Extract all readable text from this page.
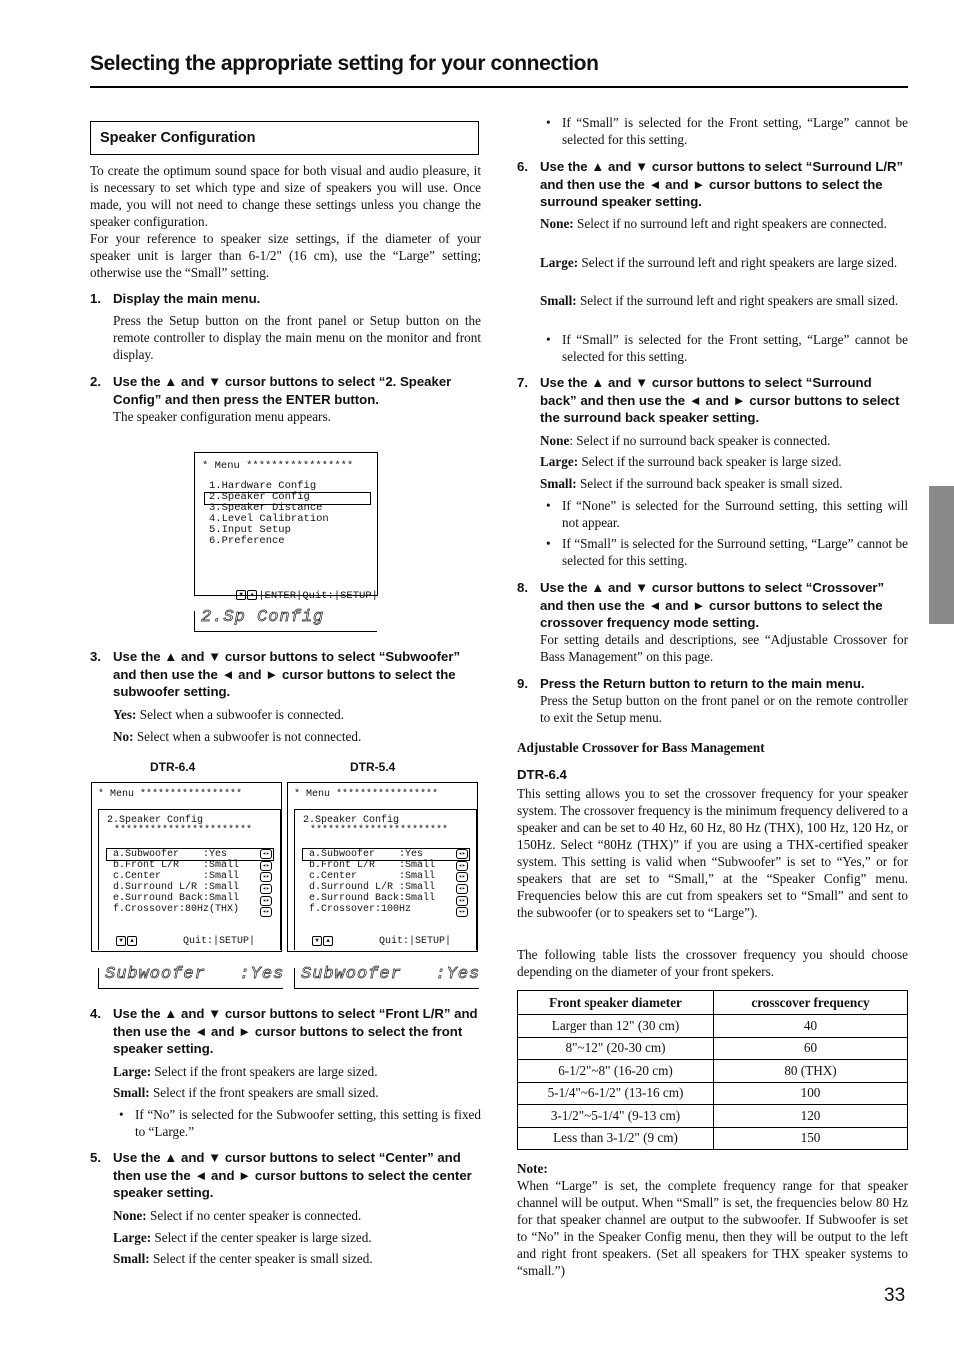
Selecting the appropriate setting for your connection
33
Speaker Configuration

To create the optimum sound space for both visual and audio pleasure, it is necessary to set which type and size of speakers you will use. Once made, you will not need to change these settings unless you change the speaker configuration.

For your reference to speaker size settings, if the diameter of your speaker unit is larger than 6-1/2" (16 cm), use the “Large” setting; otherwise use the “Small” setting.

1. Display the main menu.

Press the Setup button on the front panel or Setup button on the remote controller to display the main menu on the monitor and front display.

2. Use the ▲ and ▼ cursor buttons to select “2. Speaker Config” and then press the ENTER button.

The speaker configuration menu appears.

* Menu *****************
1.Hardware Config
2.Speaker Config
3.Speaker Distance
4.Level Calibration
5.Input Setup
6.Preference

▼ ▲ |ENTER|Quit:|SETUP|

2.Sp Config

3. Use the ▲ and ▼ cursor buttons to select “Subwoofer” and then use the ◄ and ► cursor buttons to select the subwoofer setting.

Yes: Select when a subwoofer is connected.

No: Select when a subwoofer is not connected.

DTR-6.4	DTR-5.4
* Menu *****************
2.Speaker Config
***********************
a.Subwoofer    :Yes
b.Front L/R    :Small
c.Center       :Small
d.Surround L/R :Small
e.Surround Back:Small
f.Crossover:80Hz(THX)
◂▸
◂▸
◂▸
◂▸
◂▸
◂▸
▼ ▲	Quit:|SETUP|

Subwoofer   :Yes

* Menu *****************
2.Speaker Config
***********************
a.Subwoofer    :Yes
b.Front L/R    :Small
c.Center       :Small
d.Surround L/R :Small
e.Surround Back:Small
f.Crossover:100Hz
◂▸
◂▸
◂▸
◂▸
◂▸
◂▸
▼ ▲	Quit:|SETUP|

Subwoofer   :Yes

4. Use the ▲ and ▼ cursor buttons to select “Front L/R” and then use the ◄ and ► cursor buttons to select the front speaker setting.

Large: Select if the front speakers are large sized.

Small: Select if the front speakers are small sized.

• If “No” is selected for the Subwoofer setting, this setting is fixed to “Large.”

5. Use the ▲ and ▼ cursor buttons to select “Center” and then use the ◄ and ► cursor buttons to select the center speaker setting.

None: Select if no center speaker is connected.

Large: Select if the center speaker is large sized.

Small: Select if the center speaker is small sized.

• If “Small” is selected for the Front setting, “Large” cannot be selected for this setting.

6. Use the ▲ and ▼ cursor buttons to select “Surround L/R” and then use the ◄ and ► cursor buttons to select the surround speaker setting.

None: Select if no surround left and right speakers are connected.

Large: Select if the surround left and right speakers are large sized.

Small: Select if the surround left and right speakers are small sized.

• If “Small” is selected for the Front setting, “Large” cannot be selected for this setting.

7. Use the ▲ and ▼ cursor buttons to select “Surround back” and then use the ◄ and ► cursor buttons to select the surround back speaker setting.

None: Select if no surround back speaker is connected.

Large: Select if the surround back speaker is large sized.

Small: Select if the surround back speaker is small sized.

• If “None” is selected for the Surround setting, this setting will not appear.

• If “Small” is selected for the Surround setting, “Large” cannot be selected for this setting.

8. Use the ▲ and ▼ cursor buttons to select “Crossover” and then use the ◄ and ► cursor buttons to select the crossover frequency mode setting.

For setting details and descriptions, see “Adjustable Crossover for Bass Management” on this page.

9. Press the Return button to return to the main menu.

Press the Setup button on the front panel or on the remote controller to exit the Setup menu.

Adjustable Crossover for Bass Management
DTR-6.4

This setting allows you to set the crossover frequency for your speaker system. The crossover frequency is the minimum frequency delivered to a speaker and can be set to 40 Hz, 60 Hz, 80 Hz (THX), 100 Hz, 120 Hz, or 150Hz. Select “80Hz (THX)” if you are using a THX-certified speaker system. This setting is valid when “Subwoofer” is set to “Yes,” or for speakers that are set to “Small,” at the “Speaker Config” menu. Frequencies below this are cut from speakers set to “Small” and sent to the subwoofer (or to speakers set to “Large”).

The following table lists the crossover frequency you should choose depending on the diameter of your front spekers.

Front speaker diameter	crosscover frequency
Larger than 12" (30 cm)	40
8"~12" (20-30 cm)	60
6-1/2"~8" (16-20 cm)	80 (THX)
5-1/4"~6-1/2" (13-16 cm)	100
3-1/2"~5-1/4" (9-13 cm)	120
Less than 3-1/2" (9 cm)	150
Note:

When “Large” is set, the complete frequency range for that speaker channel will be output. When “Small” is set, the frequencies below 80 Hz for that speaker channel are output to the subwoofer. If Subwoofer is set to “No” in the Speaker Config menu, then they will be output to the left and right front speakers. (Set all speakers for THX speaker systems to “small.”)
